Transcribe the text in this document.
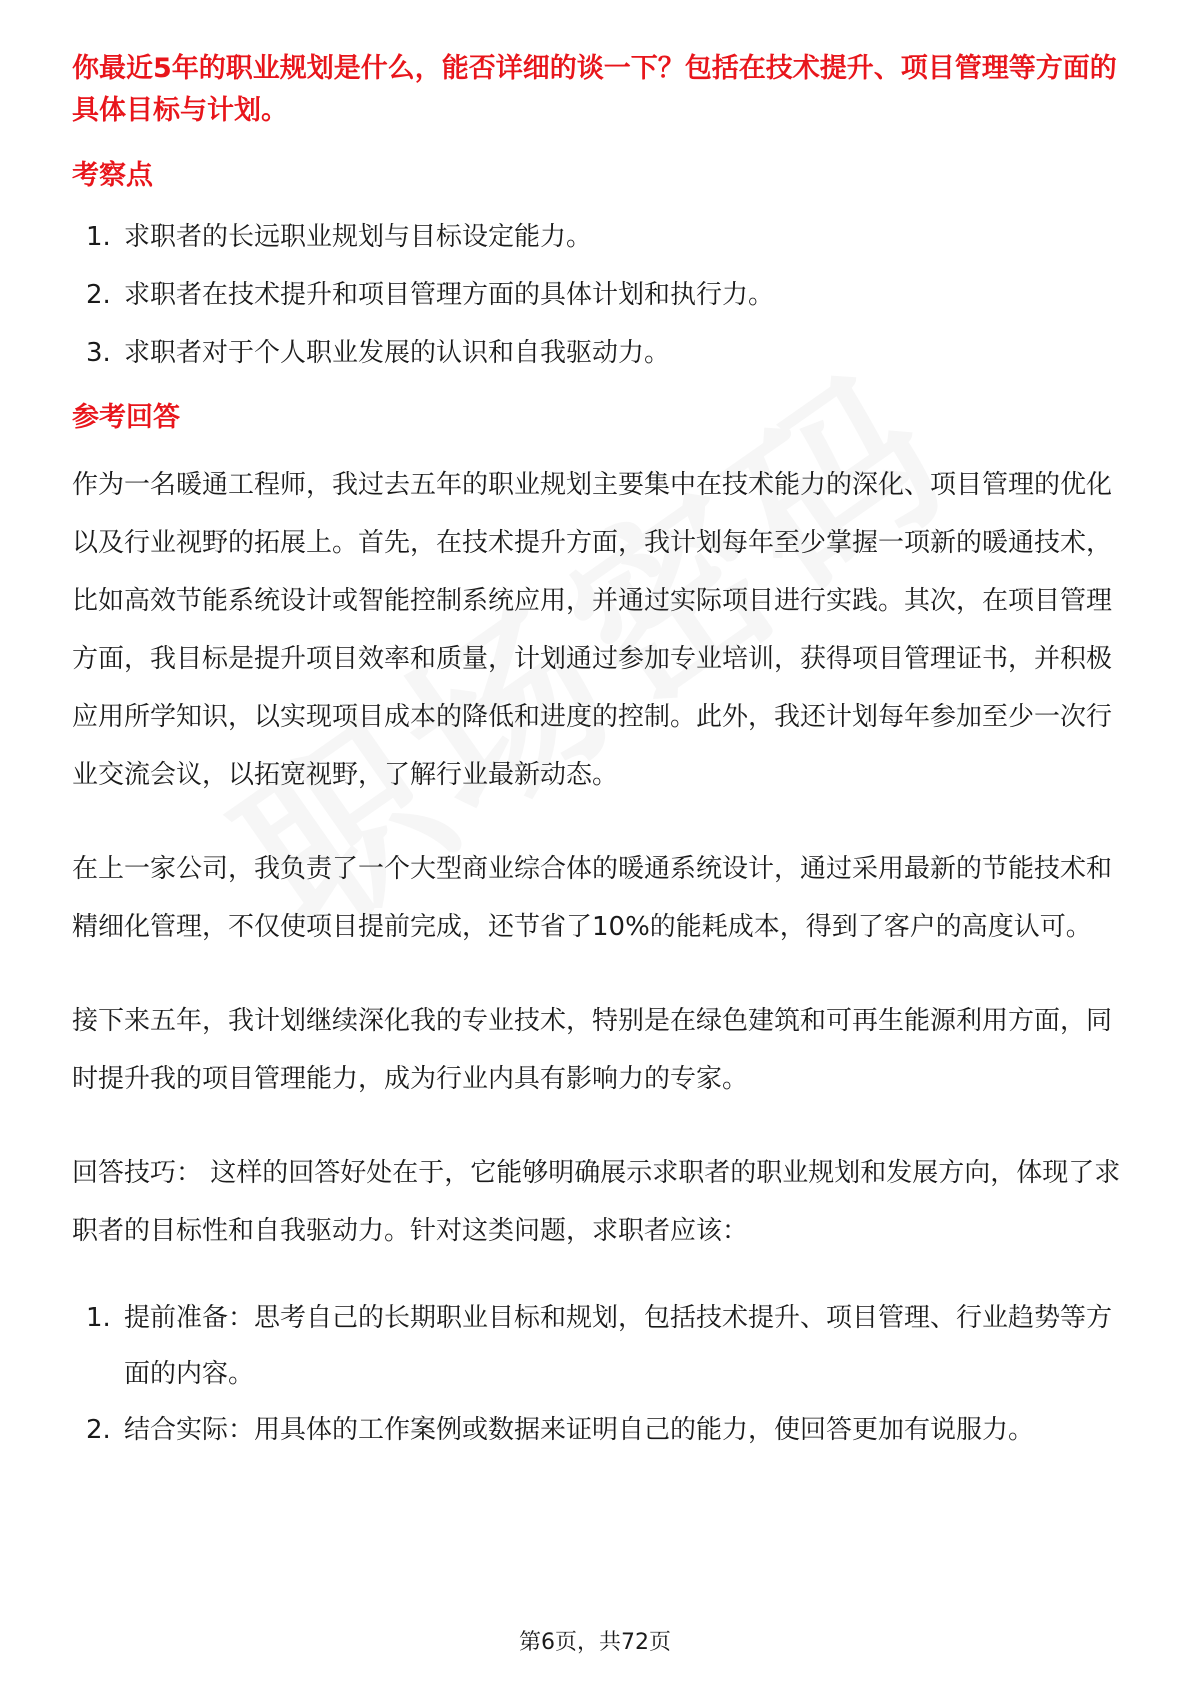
你最近5年的职业规划是什么，能否详细的谈一下？包括在技术提升、项目管理等方面的具体目标与计划。

考察点
1. 求职者的长远职业规划与目标设定能力。
2. 求职者在技术提升和项目管理方面的具体计划和执行力。
3. 求职者对于个人职业发展的认识和自我驱动力。
参考回答

作为一名暖通工程师，我过去五年的职业规划主要集中在技术能力的深化、项目管理的优化以及行业视野的拓展上。首先，在技术提升方面，我计划每年至少掌握一项新的暖通技术，比如高效节能系统设计或智能控制系统应用，并通过实际项目进行实践。其次，在项目管理方面，我目标是提升项目效率和质量，计划通过参加专业培训，获得项目管理证书，并积极应用所学知识，以实现项目成本的降低和进度的控制。此外，我还计划每年参加至少一次行业交流会议，以拓宽视野，了解行业最新动态。

在上一家公司，我负责了一个大型商业综合体的暖通系统设计，通过采用最新的节能技术和精细化管理，不仅使项目提前完成，还节省了10%的能耗成本，得到了客户的高度认可。

接下来五年，我计划继续深化我的专业技术，特别是在绿色建筑和可再生能源利用方面，同时提升我的项目管理能力，成为行业内具有影响力的专家。

回答技巧： 这样的回答好处在于，它能够明确展示求职者的职业规划和发展方向，体现了求职者的目标性和自我驱动力。针对这类问题，求职者应该：

1. 提前准备：思考自己的长期职业目标和规划，包括技术提升、项目管理、行业趋势等方面的内容。
2. 结合实际：用具体的工作案例或数据来证明自己的能力，使回答更加有说服力。
第6页，共72页
